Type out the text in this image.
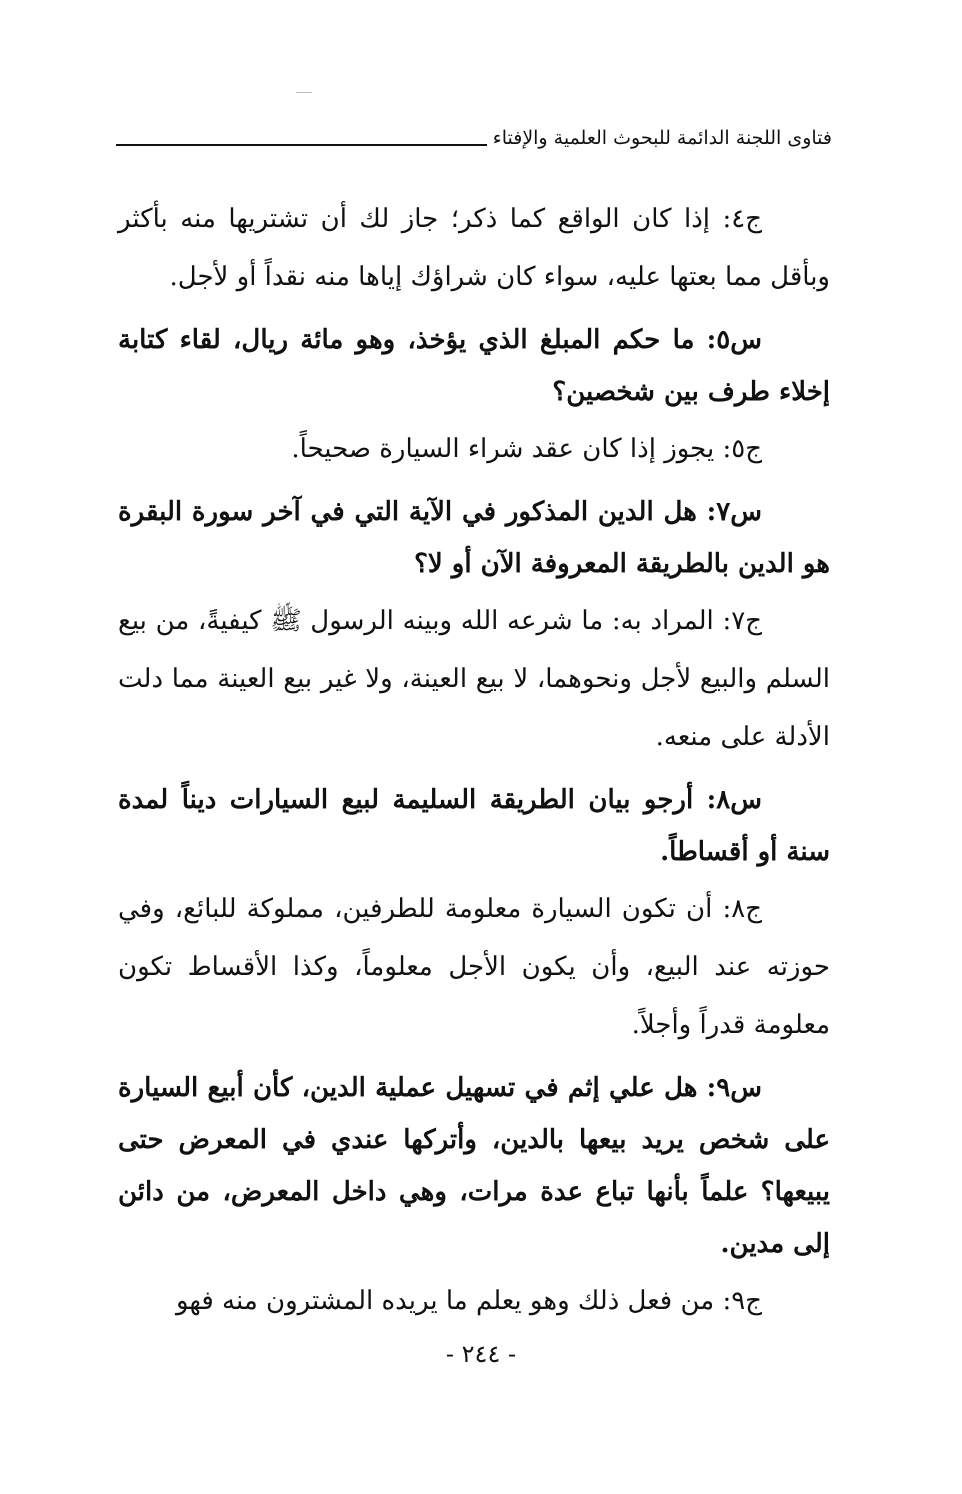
فتاوى اللجنة الدائمة للبحوث العلمية والإفتاء

ج٤: إذا كان الواقع كما ذكر؛ جاز لك أن تشتريها منه بأكثر وبأقل مما بعتها عليه، سواء كان شراؤك إياها منه نقداً أو لأجل.

س٥: ما حكم المبلغ الذي يؤخذ، وهو مائة ريال، لقاء كتابة إخلاء طرف بين شخصين؟

ج٥: يجوز إذا كان عقد شراء السيارة صحيحاً.

س٧: هل الدين المذكور في الآية التي في آخر سورة البقرة هو الدين بالطريقة المعروفة الآن أو لا؟

ج٧: المراد به: ما شرعه الله وبينه الرسول ﷺ كيفيةً، من بيع السلم والبيع لأجل ونحوهما، لا بيع العينة، ولا غير بيع العينة مما دلت الأدلة على منعه.

س٨: أرجو بيان الطريقة السليمة لبيع السيارات ديناً لمدة سنة أو أقساطاً.

ج٨: أن تكون السيارة معلومة للطرفين، مملوكة للبائع، وفي حوزته عند البيع، وأن يكون الأجل معلوماً، وكذا الأقساط تكون معلومة قدراً وأجلاً.

س٩: هل علي إثم في تسهيل عملية الدين، كأن أبيع السيارة على شخص يريد بيعها بالدين، وأتركها عندي في المعرض حتى يبيعها؟ علماً بأنها تباع عدة مرات، وهي داخل المعرض، من دائن إلى مدين.

ج٩: من فعل ذلك وهو يعلم ما يريده المشترون منه فهو

- ٢٤٤ -
